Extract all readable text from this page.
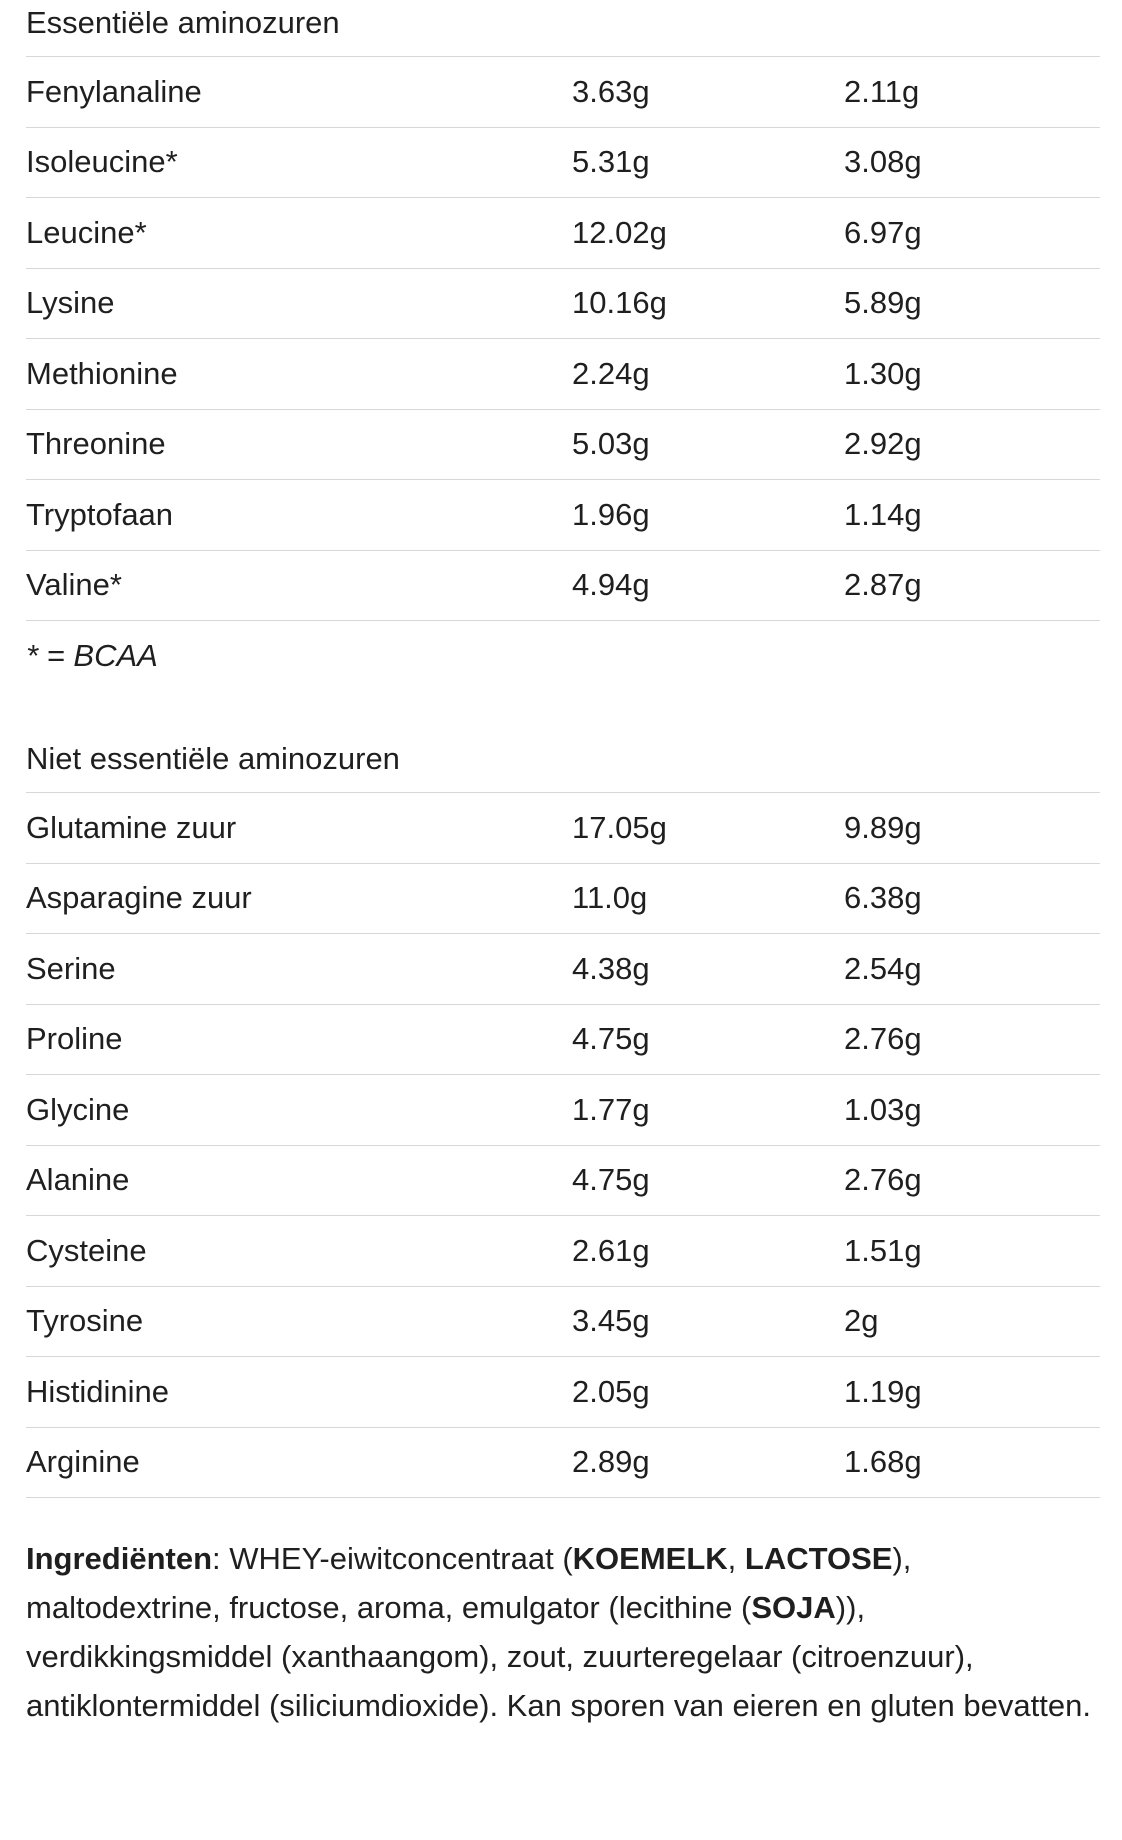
Essentiële aminozuren
Fenylanaline	3.63g	2.11g
Isoleucine*	5.31g	3.08g
Leucine*	12.02g	6.97g
Lysine	10.16g	5.89g
Methionine	2.24g	1.30g
Threonine	5.03g	2.92g
Tryptofaan	1.96g	1.14g
Valine*	4.94g	2.87g
* = BCAA
Niet essentiële aminozuren
Glutamine zuur	17.05g	9.89g
Asparagine zuur	11.0g	6.38g
Serine	4.38g	2.54g
Proline	4.75g	2.76g
Glycine	1.77g	1.03g
Alanine	4.75g	2.76g
Cysteine	2.61g	1.51g
Tyrosine	3.45g	2g
Histidinine	2.05g	1.19g
Arginine	2.89g	1.68g

Ingrediënten: WHEY-eiwitconcentraat (KOEMELK, LACTOSE), maltodextrine, fructose, aroma, emulgator (lecithine (SOJA)), verdikkingsmiddel (xanthaangom), zout, zuurteregelaar (citroenzuur), antiklontermiddel (siliciumdioxide). Kan sporen van eieren en gluten bevatten.
